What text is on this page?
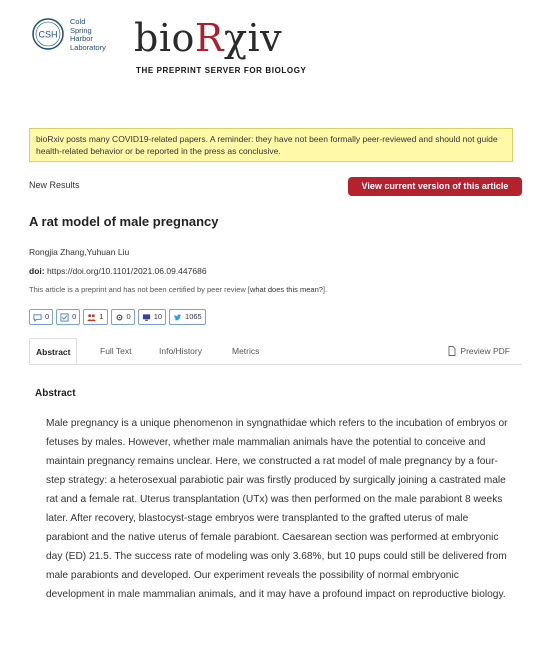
CSH
Cold
Spring
Harbor
Laboratory bioRχiv
THE PREPRINT SERVER FOR BIOLOGY
bioRxiv posts many COVID19-related papers. A reminder: they have not been formally peer-reviewed and should not guide health-related behavior or be reported in the press as conclusive.
New Results	View current version of this article
A rat model of male pregnancy
Rongjia Zhang,Yuhuan Liu
doi: https://doi.org/10.1101/2021.06.09.447686
This article is a preprint and has not been certified by peer review [what does this mean?].
0	0	1	0	10	1065
Abstract	Full Text	Info/History	Metrics	Preview PDF
Abstract
Male pregnancy is a unique phenomenon in syngnathidae which refers to the incubation of embryos or fetuses by males. However, whether male mammalian animals have the potential to conceive and maintain pregnancy remains unclear. Here, we constructed a rat model of male pregnancy by a four-step strategy: a heterosexual parabiotic pair was firstly produced by surgically joining a castrated male rat and a female rat. Uterus transplantation (UTx) was then performed on the male parabiont 8 weeks later. After recovery, blastocyst-stage embryos were transplanted to the grafted uterus of male parabiont and the native uterus of female parabiont. Caesarean section was performed at embryonic day (ED) 21.5. The success rate of modeling was only 3.68%, but 10 pups could still be delivered from male parabionts and developed. Our experiment reveals the possibility of normal embryonic development in male mammalian animals, and it may have a profound impact on reproductive biology.
